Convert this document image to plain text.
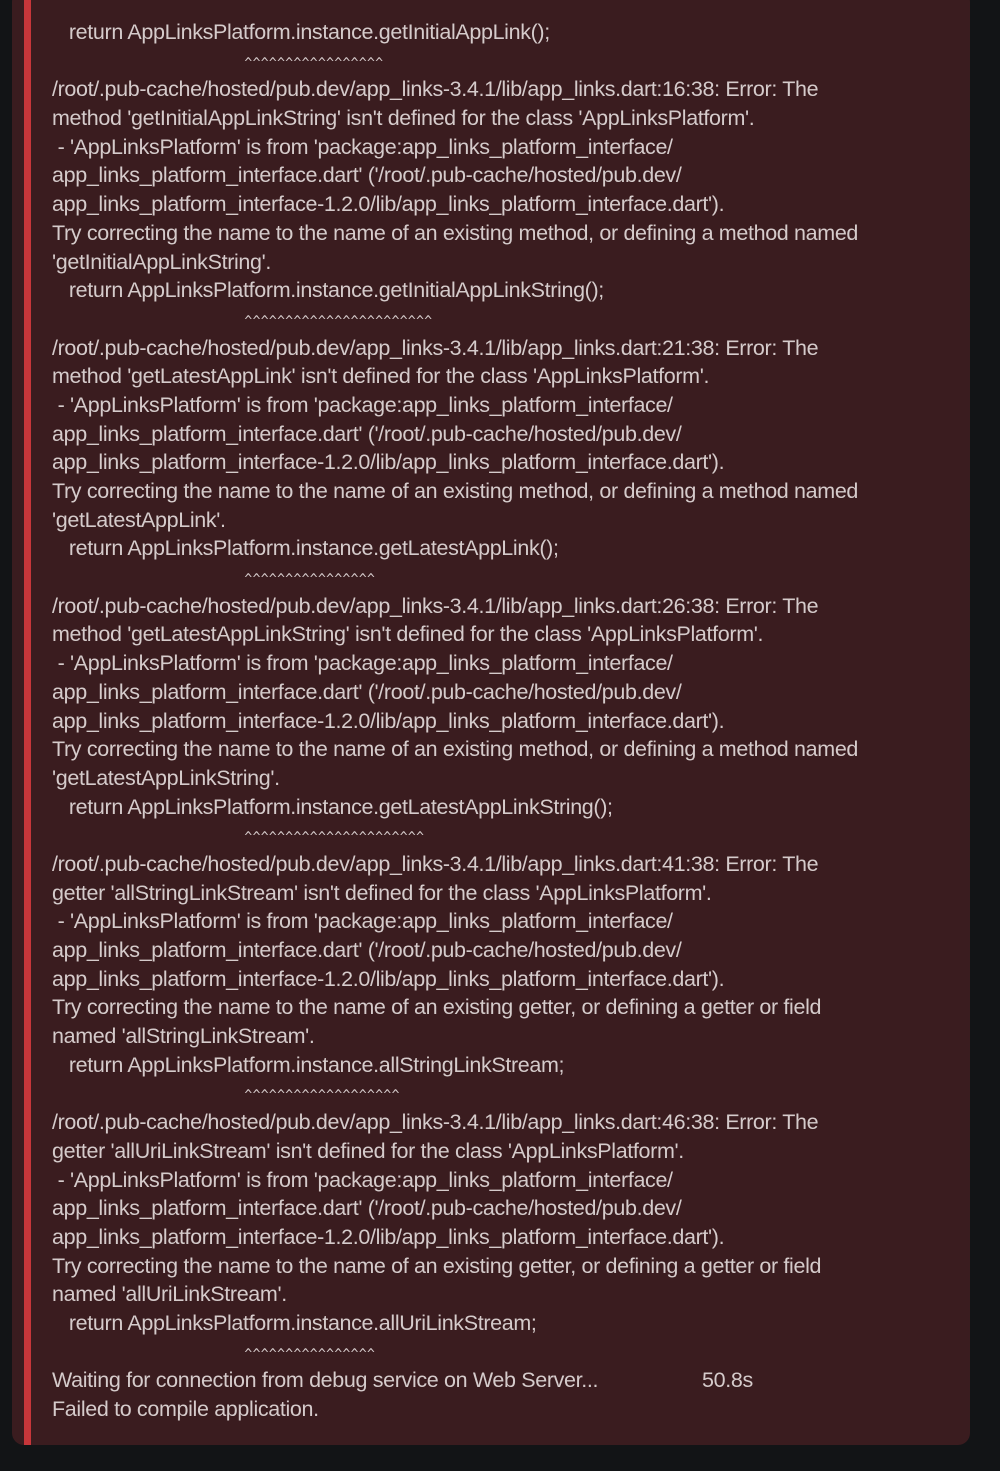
return AppLinksPlatform.instance.getInitialAppLink();
^^^^^^^^^^^^^^^^^
/root/.pub-cache/hosted/pub.dev/app_links-3.4.1/lib/app_links.dart:16:38: Error: The
method 'getInitialAppLinkString' isn't defined for the class 'AppLinksPlatform'.
- 'AppLinksPlatform' is from 'package:app_links_platform_interface/
app_links_platform_interface.dart' ('/root/.pub-cache/hosted/pub.dev/
app_links_platform_interface-1.2.0/lib/app_links_platform_interface.dart').
Try correcting the name to the name of an existing method, or defining a method named
'getInitialAppLinkString'.
return AppLinksPlatform.instance.getInitialAppLinkString();
^^^^^^^^^^^^^^^^^^^^^^^
/root/.pub-cache/hosted/pub.dev/app_links-3.4.1/lib/app_links.dart:21:38: Error: The
method 'getLatestAppLink' isn't defined for the class 'AppLinksPlatform'.
- 'AppLinksPlatform' is from 'package:app_links_platform_interface/
app_links_platform_interface.dart' ('/root/.pub-cache/hosted/pub.dev/
app_links_platform_interface-1.2.0/lib/app_links_platform_interface.dart').
Try correcting the name to the name of an existing method, or defining a method named
'getLatestAppLink'.
return AppLinksPlatform.instance.getLatestAppLink();
^^^^^^^^^^^^^^^^
/root/.pub-cache/hosted/pub.dev/app_links-3.4.1/lib/app_links.dart:26:38: Error: The
method 'getLatestAppLinkString' isn't defined for the class 'AppLinksPlatform'.
- 'AppLinksPlatform' is from 'package:app_links_platform_interface/
app_links_platform_interface.dart' ('/root/.pub-cache/hosted/pub.dev/
app_links_platform_interface-1.2.0/lib/app_links_platform_interface.dart').
Try correcting the name to the name of an existing method, or defining a method named
'getLatestAppLinkString'.
return AppLinksPlatform.instance.getLatestAppLinkString();
^^^^^^^^^^^^^^^^^^^^^^
/root/.pub-cache/hosted/pub.dev/app_links-3.4.1/lib/app_links.dart:41:38: Error: The
getter 'allStringLinkStream' isn't defined for the class 'AppLinksPlatform'.
- 'AppLinksPlatform' is from 'package:app_links_platform_interface/
app_links_platform_interface.dart' ('/root/.pub-cache/hosted/pub.dev/
app_links_platform_interface-1.2.0/lib/app_links_platform_interface.dart').
Try correcting the name to the name of an existing getter, or defining a getter or field
named 'allStringLinkStream'.
return AppLinksPlatform.instance.allStringLinkStream;
^^^^^^^^^^^^^^^^^^^
/root/.pub-cache/hosted/pub.dev/app_links-3.4.1/lib/app_links.dart:46:38: Error: The
getter 'allUriLinkStream' isn't defined for the class 'AppLinksPlatform'.
- 'AppLinksPlatform' is from 'package:app_links_platform_interface/
app_links_platform_interface.dart' ('/root/.pub-cache/hosted/pub.dev/
app_links_platform_interface-1.2.0/lib/app_links_platform_interface.dart').
Try correcting the name to the name of an existing getter, or defining a getter or field
named 'allUriLinkStream'.
return AppLinksPlatform.instance.allUriLinkStream;
^^^^^^^^^^^^^^^^
Waiting for connection from debug service on Web Server...	50.8s
Failed to compile application.
